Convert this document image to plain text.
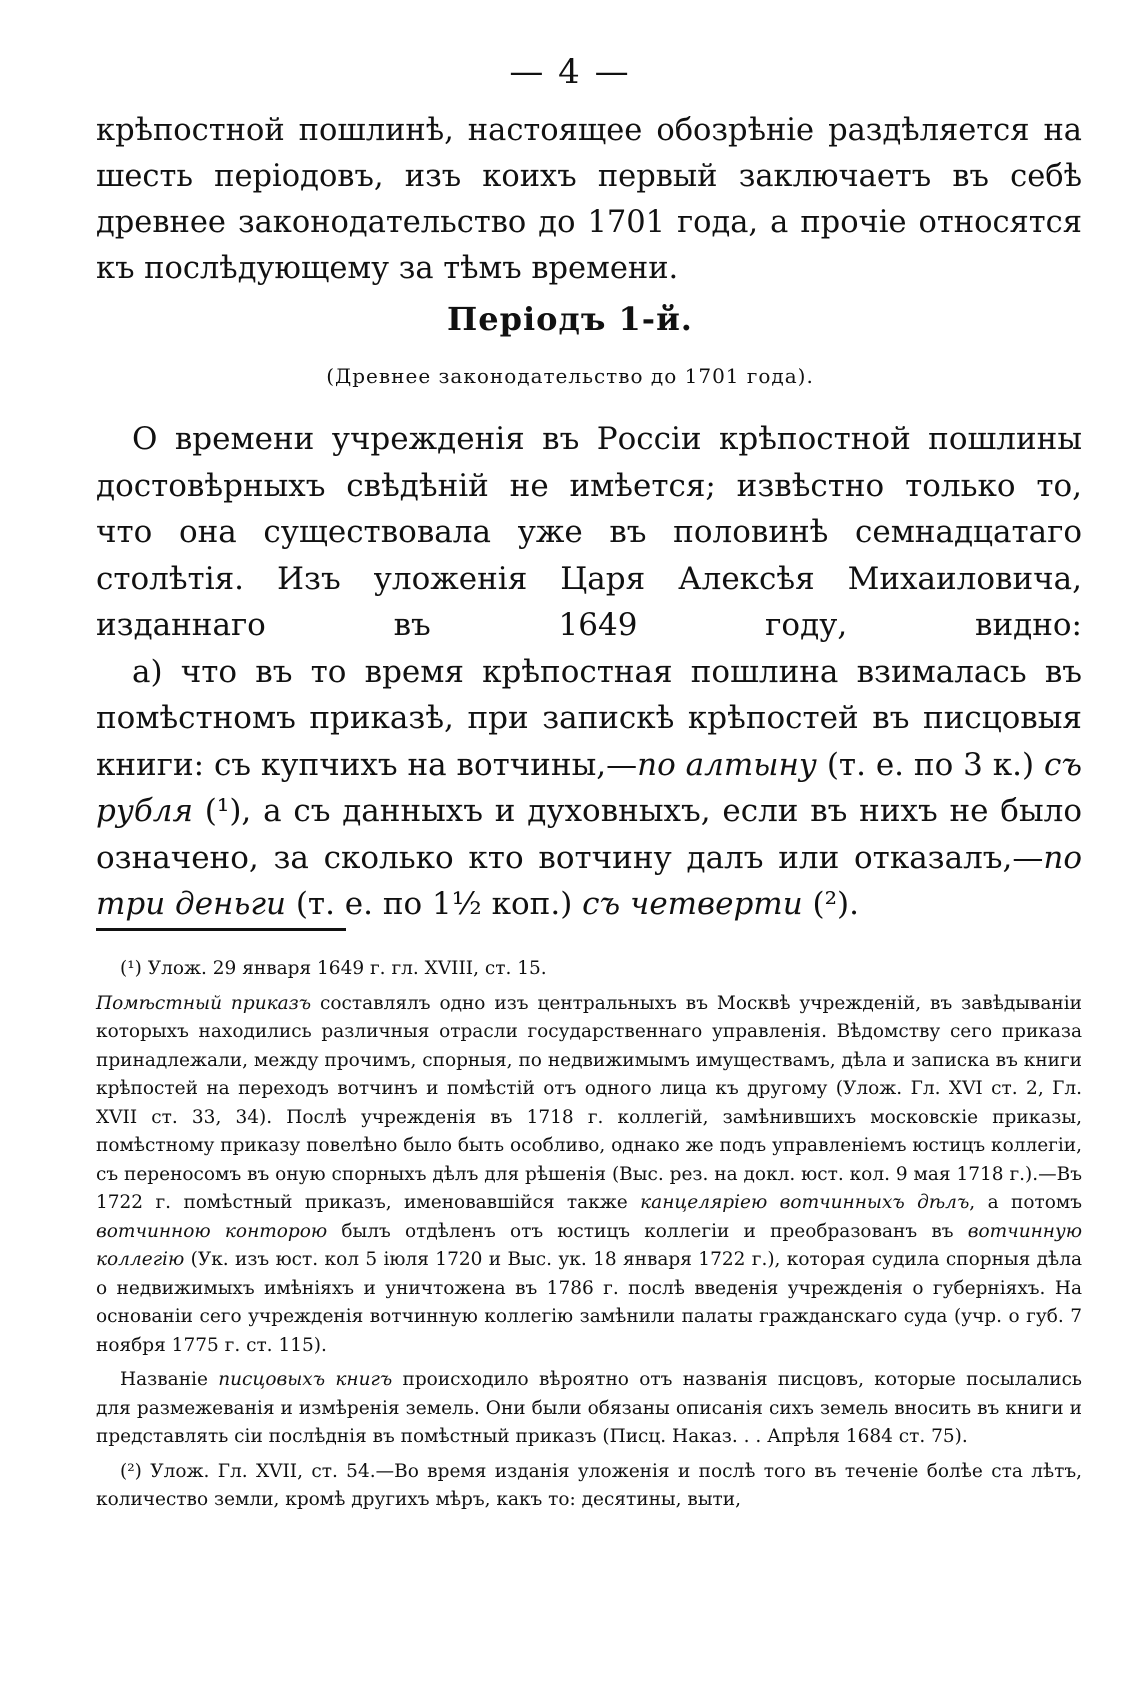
— 4 —

крѣпостной пошлинѣ, настоящее обозрѣніе раздѣляется на шесть періодовъ, изъ коихъ первый заключаетъ въ себѣ древнее законодательство до 1701 года, а прочіе относятся къ послѣдующему за тѣмъ времени.

Періодъ 1-й.
(Древнее законодательство до 1701 года).

О времени учрежденія въ Россіи крѣпостной пошлины достовѣрныхъ свѣдѣній не имѣется; извѣстно только то, что она существовала уже въ половинѣ семнадцатаго столѣтія. Изъ уложенія Царя Алексѣя Михаиловича, изданнаго въ 1649 году, видно:

а) что въ то время крѣпостная пошлина взималась въ помѣстномъ приказѣ, при запискѣ крѣпостей въ писцовыя книги: съ купчихъ на вотчины,—по алтыну (т. е. по 3 к.) съ рубля (¹), а съ данныхъ и духовныхъ, если въ нихъ не было означено, за сколько кто вотчину далъ или отказалъ,—по три деньги (т. е. по 1½ коп.) съ четверти (²).

(¹) Улож. 29 января 1649 г. гл. XVIII, ст. 15.

Помѣстный приказъ составлялъ одно изъ центральныхъ въ Москвѣ учрежденій, въ завѣдываніи которыхъ находились различныя отрасли государственнаго управленія. Вѣдомству сего приказа принадлежали, между прочимъ, спорныя, по недвижимымъ имуществамъ, дѣла и записка въ книги крѣпостей на переходъ вотчинъ и помѣстій отъ одного лица къ другому (Улож. Гл. XVI ст. 2, Гл. XVII ст. 33, 34). Послѣ учрежденія въ 1718 г. коллегій, замѣнившихъ московскіе приказы, помѣстному приказу повелѣно было быть особливо, однако же подъ управленіемъ юстицъ коллегіи, съ переносомъ въ оную спорныхъ дѣлъ для рѣшенія (Выс. рез. на докл. юст. кол. 9 мая 1718 г.).—Въ 1722 г. помѣстный приказъ, именовавшійся также канцеляріею вотчинныхъ дѣлъ, а потомъ вотчинною конторою былъ отдѣленъ отъ юстицъ коллегіи и преобразованъ въ вотчинную коллегію (Ук. изъ юст. кол 5 іюля 1720 и Выс. ук. 18 января 1722 г.), которая судила спорныя дѣла о недвижимыхъ имѣніяхъ и уничтожена въ 1786 г. послѣ введенія учрежденія о губерніяхъ. На основаніи сего учрежденія вотчинную коллегію замѣнили палаты гражданскаго суда (учр. о губ. 7 ноября 1775 г. ст. 115).

Названіе писцовыхъ книгъ происходило вѣроятно отъ названія писцовъ, которые посылались для размежеванія и измѣренія земель. Они были обязаны описанія сихъ земель вносить въ книги и представлять сіи послѣднія въ помѣстный приказъ (Писц. Наказ. . . Апрѣля 1684 ст. 75).

(²) Улож. Гл. XVII, ст. 54.—Во время изданія уложенія и послѣ того въ теченіе болѣе ста лѣтъ, количество земли, кромѣ другихъ мѣръ, какъ то: десятины, выти,
